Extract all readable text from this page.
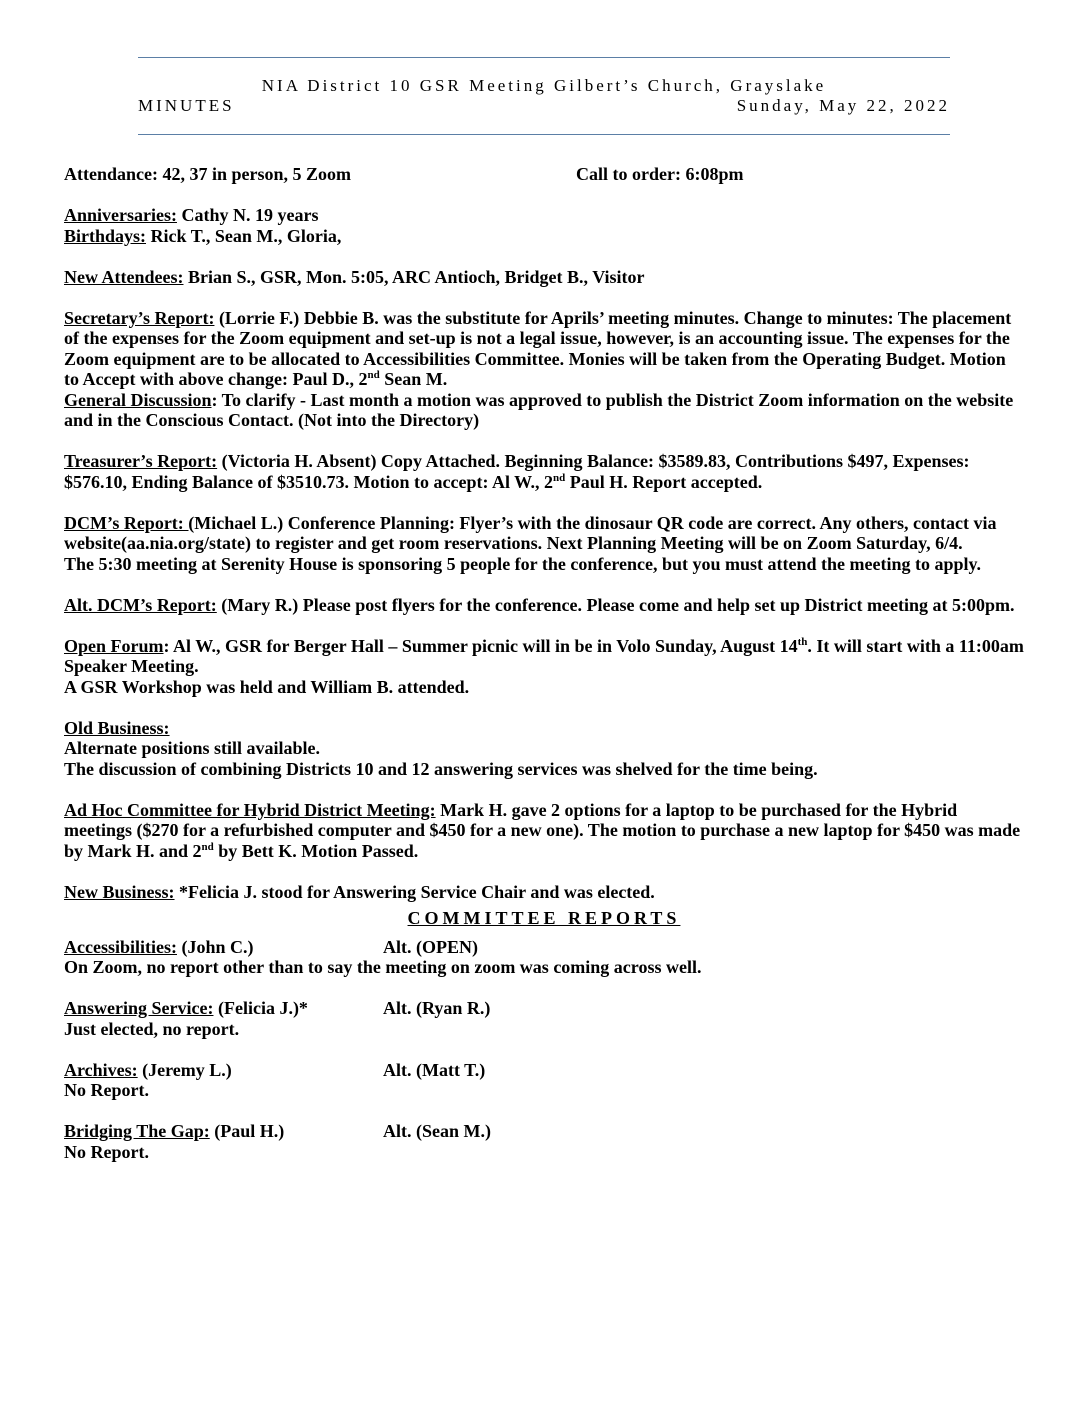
NIA District 10 GSR Meeting Gilbert’s Church, Grayslake
MINUTES	Sunday, May 22, 2022
Attendance: 42, 37 in person, 5 Zoom	Call to order: 6:08pm

Anniversaries: Cathy N. 19 years

Birthdays: Rick T., Sean M., Gloria,

New Attendees: Brian S., GSR, Mon. 5:05, ARC Antioch, Bridget B., Visitor

Secretary’s Report: (Lorrie F.) Debbie B. was the substitute for Aprils’ meeting minutes. Change to minutes: The placement of the expenses for the Zoom equipment and set-up is not a legal issue, however, is an accounting issue. The expenses for the Zoom equipment are to be allocated to Accessibilities Committee. Monies will be taken from the Operating Budget. Motion to Accept with above change: Paul D., 2nd Sean M.

General Discussion: To clarify - Last month a motion was approved to publish the District Zoom information on the website and in the Conscious Contact. (Not into the Directory)

Treasurer’s Report: (Victoria H. Absent) Copy Attached. Beginning Balance: $3589.83, Contributions $497, Expenses: $576.10, Ending Balance of $3510.73. Motion to accept: Al W., 2nd Paul H. Report accepted.

DCM’s Report: (Michael L.) Conference Planning: Flyer’s with the dinosaur QR code are correct. Any others, contact via website(aa.nia.org/state) to register and get room reservations. Next Planning Meeting will be on Zoom Saturday, 6/4.

The 5:30 meeting at Serenity House is sponsoring 5 people for the conference, but you must attend the meeting to apply.

Alt. DCM’s Report: (Mary R.) Please post flyers for the conference. Please come and help set up District meeting at 5:00pm.

Open Forum: Al W., GSR for Berger Hall – Summer picnic will in be in Volo Sunday, August 14th. It will start with a 11:00am Speaker Meeting.

A GSR Workshop was held and William B. attended.

Old Business:

Alternate positions still available.

The discussion of combining Districts 10 and 12 answering services was shelved for the time being.

Ad Hoc Committee for Hybrid District Meeting: Mark H. gave 2 options for a laptop to be purchased for the Hybrid meetings ($270 for a refurbished computer and $450 for a new one). The motion to purchase a new laptop for $450 was made by Mark H. and 2nd by Bett K. Motion Passed.

New Business: *Felicia J. stood for Answering Service Chair and was elected.

COMMITTEE REPORTS

Accessibilities: (John C.)	Alt. (OPEN)

On Zoom, no report other than to say the meeting on zoom was coming across well.

Answering Service: (Felicia J.)*	Alt. (Ryan R.)

Just elected, no report.

Archives: (Jeremy L.)	Alt. (Matt T.)

No Report.

Bridging The Gap: (Paul H.)	Alt. (Sean M.)

No Report.
